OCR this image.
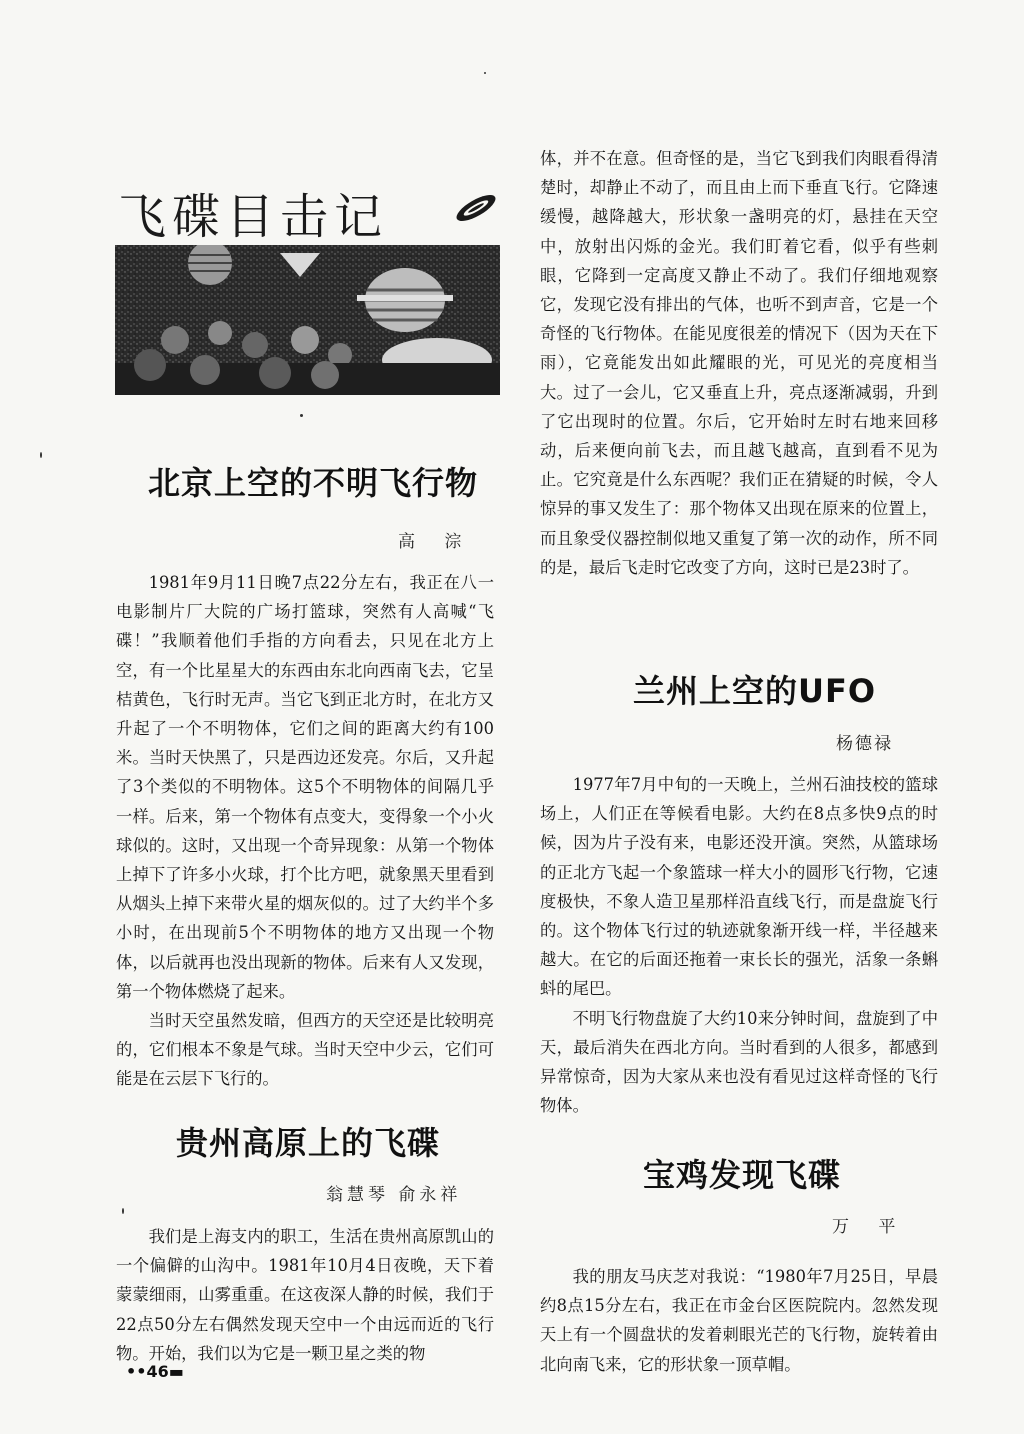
飞碟目击记
北京上空的不明飞行物
高 淙

1981年9月11日晚7点22分左右，我正在八一电影制片厂大院的广场打篮球，突然有人高喊“飞碟！”我顺着他们手指的方向看去，只见在北方上空，有一个比星星大的东西由东北向西南飞去，它呈桔黄色，飞行时无声。当它飞到正北方时，在北方又升起了一个不明物体，它们之间的距离大约有100米。当时天快黑了，只是西边还发亮。尔后，又升起了3个类似的不明物体。这5个不明物体的间隔几乎一样。后来，第一个物体有点变大，变得象一个小火球似的。这时，又出现一个奇异现象：从第一个物体上掉下了许多小火球，打个比方吧，就象黑天里看到从烟头上掉下来带火星的烟灰似的。过了大约半个多小时，在出现前5个不明物体的地方又出现一个物体，以后就再也没出现新的物体。后来有人又发现，第一个物体燃烧了起来。

当时天空虽然发暗，但西方的天空还是比较明亮的，它们根本不象是气球。当时天空中少云，它们可能是在云层下飞行的。

贵州高原上的飞碟
翁慧琴 俞永祥

我们是上海支内的职工，生活在贵州高原凯山的一个偏僻的山沟中。1981年10月4日夜晚，天下着蒙蒙细雨，山雾重重。在这夜深人静的时候，我们于22点50分左右偶然发现天空中一个由远而近的飞行物。开始，我们以为它是一颗卫星之类的物

体，并不在意。但奇怪的是，当它飞到我们肉眼看得清楚时，却静止不动了，而且由上而下垂直飞行。它降速缓慢，越降越大，形状象一盏明亮的灯，悬挂在天空中，放射出闪烁的金光。我们盯着它看，似乎有些刺眼，它降到一定高度又静止不动了。我们仔细地观察它，发现它没有排出的气体，也听不到声音，它是一个奇怪的飞行物体。在能见度很差的情况下（因为天在下雨），它竟能发出如此耀眼的光，可见光的亮度相当大。过了一会儿，它又垂直上升，亮点逐渐减弱，升到了它出现时的位置。尔后，它开始时左时右地来回移动，后来便向前飞去，而且越飞越高，直到看不见为止。它究竟是什么东西呢？我们正在猜疑的时候，令人惊异的事又发生了：那个物体又出现在原来的位置上，而且象受仪器控制似地又重复了第一次的动作，所不同的是，最后飞走时它改变了方向，这时已是23时了。

兰州上空的UFO
杨德禄

1977年7月中旬的一天晚上，兰州石油技校的篮球场上，人们正在等候看电影。大约在8点多快9点的时候，因为片子没有来，电影还没开演。突然，从篮球场的正北方飞起一个象篮球一样大小的圆形飞行物，它速度极快，不象人造卫星那样沿直线飞行，而是盘旋飞行的。这个物体飞行过的轨迹就象渐开线一样，半径越来越大。在它的后面还拖着一束长长的强光，活象一条蝌蚪的尾巴。

不明飞行物盘旋了大约10来分钟时间，盘旋到了中天，最后消失在西北方向。当时看到的人很多，都感到异常惊奇，因为大家从来也没有看见过这样奇怪的飞行物体。

宝鸡发现飞碟
万 平

我的朋友马庆芝对我说：“1980年7月25日，早晨约8点15分左右，我正在市金台区医院院内。忽然发现天上有一个圆盘状的发着刺眼光芒的飞行物，旋转着由北向南飞来，它的形状象一顶草帽。

••46▬
